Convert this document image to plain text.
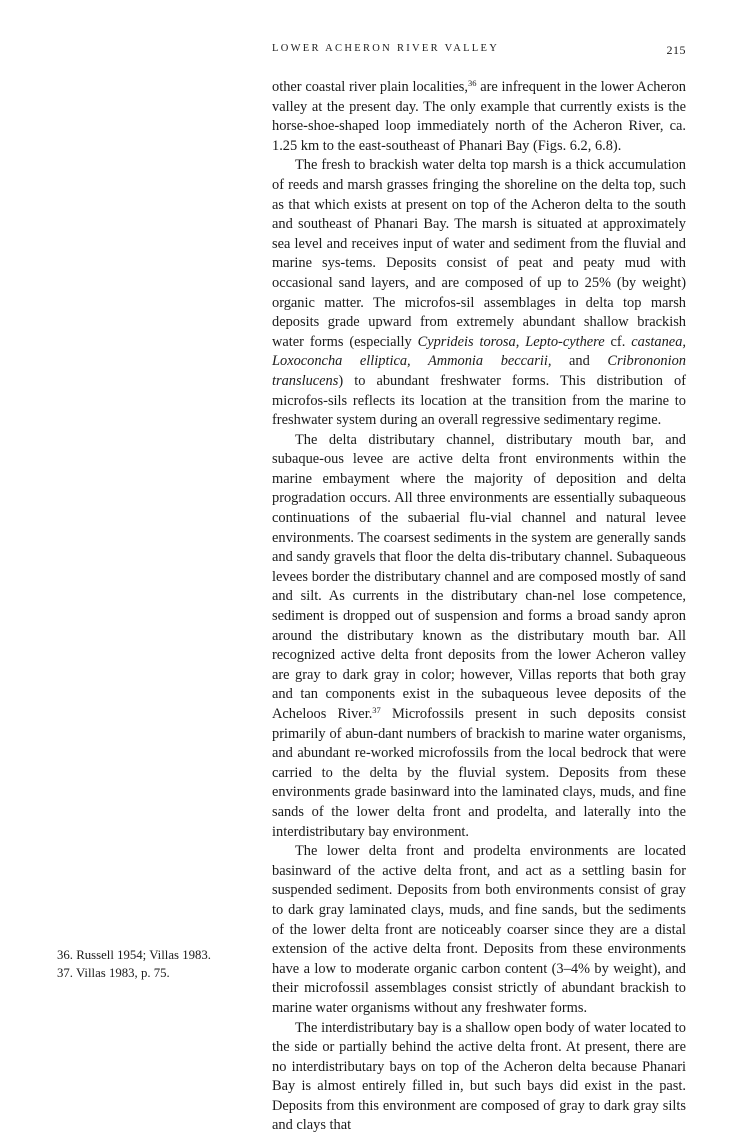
LOWER ACHERON RIVER VALLEY	215

other coastal river plain localities,$^{36}$ are infrequent in the lower Acheron valley at the present day. The only example that currently exists is the horse-shoe-shaped loop immediately north of the Acheron River, ca. 1.25 km to the east-southeast of Phanari Bay (Figs. 6.2, 6.8).

The fresh to brackish water delta top marsh is a thick accumulation of reeds and marsh grasses fringing the shoreline on the delta top, such as that which exists at present on top of the Acheron delta to the south and southeast of Phanari Bay. The marsh is situated at approximately sea level and receives input of water and sediment from the fluvial and marine sys-tems. Deposits consist of peat and peaty mud with occasional sand layers, and are composed of up to 25% (by weight) organic matter. The microfos-sil assemblages in delta top marsh deposits grade upward from extremely abundant shallow brackish water forms (especially Cyprideis torosa, Lepto-cythere cf. castanea, Loxoconcha elliptica, Ammonia beccarii, and Cribrononion translucens) to abundant freshwater forms. This distribution of microfos-sils reflects its location at the transition from the marine to freshwater system during an overall regressive sedimentary regime.

The delta distributary channel, distributary mouth bar, and subaque-ous levee are active delta front environments within the marine embayment where the majority of deposition and delta progradation occurs. All three environments are essentially subaqueous continuations of the subaerial flu-vial channel and natural levee environments. The coarsest sediments in the system are generally sands and sandy gravels that floor the delta dis-tributary channel. Subaqueous levees border the distributary channel and are composed mostly of sand and silt. As currents in the distributary chan-nel lose competence, sediment is dropped out of suspension and forms a broad sandy apron around the distributary known as the distributary mouth bar. All recognized active delta front deposits from the lower Acheron valley are gray to dark gray in color; however, Villas reports that both gray and tan components exist in the subaqueous levee deposits of the Acheloos River.$^{37}$ Microfossils present in such deposits consist primarily of abun-dant numbers of brackish to marine water organisms, and abundant re-worked microfossils from the local bedrock that were carried to the delta by the fluvial system. Deposits from these environments grade basinward into the laminated clays, muds, and fine sands of the lower delta front and prodelta, and laterally into the interdistributary bay environment.

The lower delta front and prodelta environments are located basinward of the active delta front, and act as a settling basin for suspended sediment. Deposits from both environments consist of gray to dark gray laminated clays, muds, and fine sands, but the sediments of the lower delta front are noticeably coarser since they are a distal extension of the active delta front. Deposits from these environments have a low to moderate organic carbon content (3–4% by weight), and their microfossil assemblages consist strictly of abundant brackish to marine water organisms without any freshwater forms.

The interdistributary bay is a shallow open body of water located to the side or partially behind the active delta front. At present, there are no interdistributary bays on top of the Acheron delta because Phanari Bay is almost entirely filled in, but such bays did exist in the past. Deposits from this environment are composed of gray to dark gray silts and clays that

36. Russell 1954; Villas 1983.
37. Villas 1983, p. 75.
